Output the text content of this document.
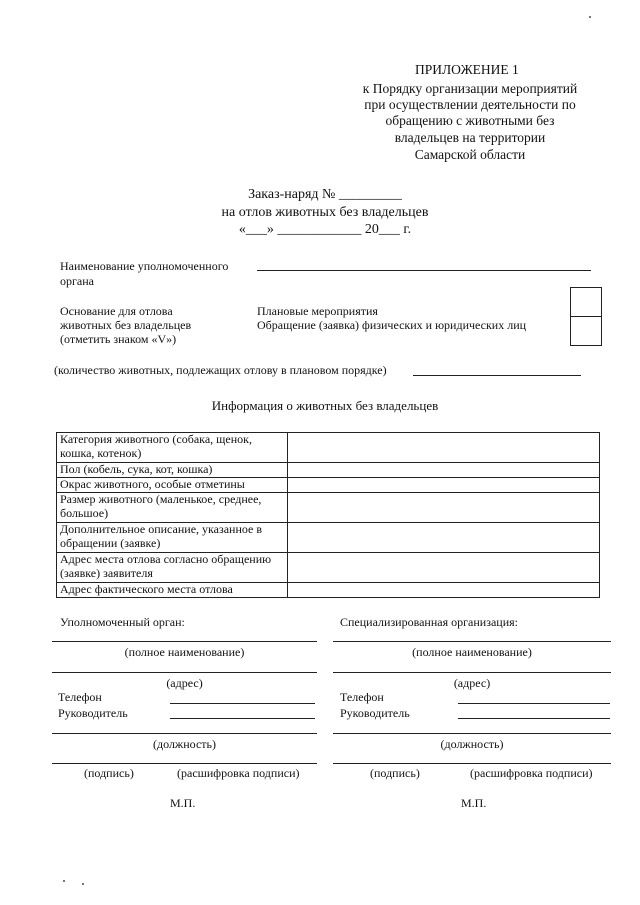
ПРИЛОЖЕНИЕ 1
к Порядку организации мероприятий
при осуществлении деятельности по
обращению с животными без
владельцев на территории
Самарской области
Заказ-наряд № _________
на отлов животных без владельцев
«___» ____________ 20___ г.
Наименование уполномоченного
органа
Основание для отлова
животных без владельцев
(отметить знаком «V»)
Плановые мероприятия
Обращение (заявка) физических и юридических лиц
(количество животных, подлежащих отлову в плановом порядке)
Информация о животных без владельцев
Категория животного (собака, щенок, кошка, котенок)	
Пол (кобель, сука, кот, кошка)	
Окрас животного, особые отметины	
Размер животного (маленькое, среднее, большое)	
Дополнительное описание, указанное в обращении (заявке)	
Адрес места отлова согласно обращению (заявке) заявителя	
Адрес фактического места отлова	
Уполномоченный орган:
(полное наименование)
(адрес)
Телефон
Руководитель
(должность)
(подпись)	(расшифровка подписи)
М.П.
Специализированная организация:
(полное наименование)
(адрес)
Телефон
Руководитель
(должность)
(подпись)	(расшифровка подписи)
М.П.
